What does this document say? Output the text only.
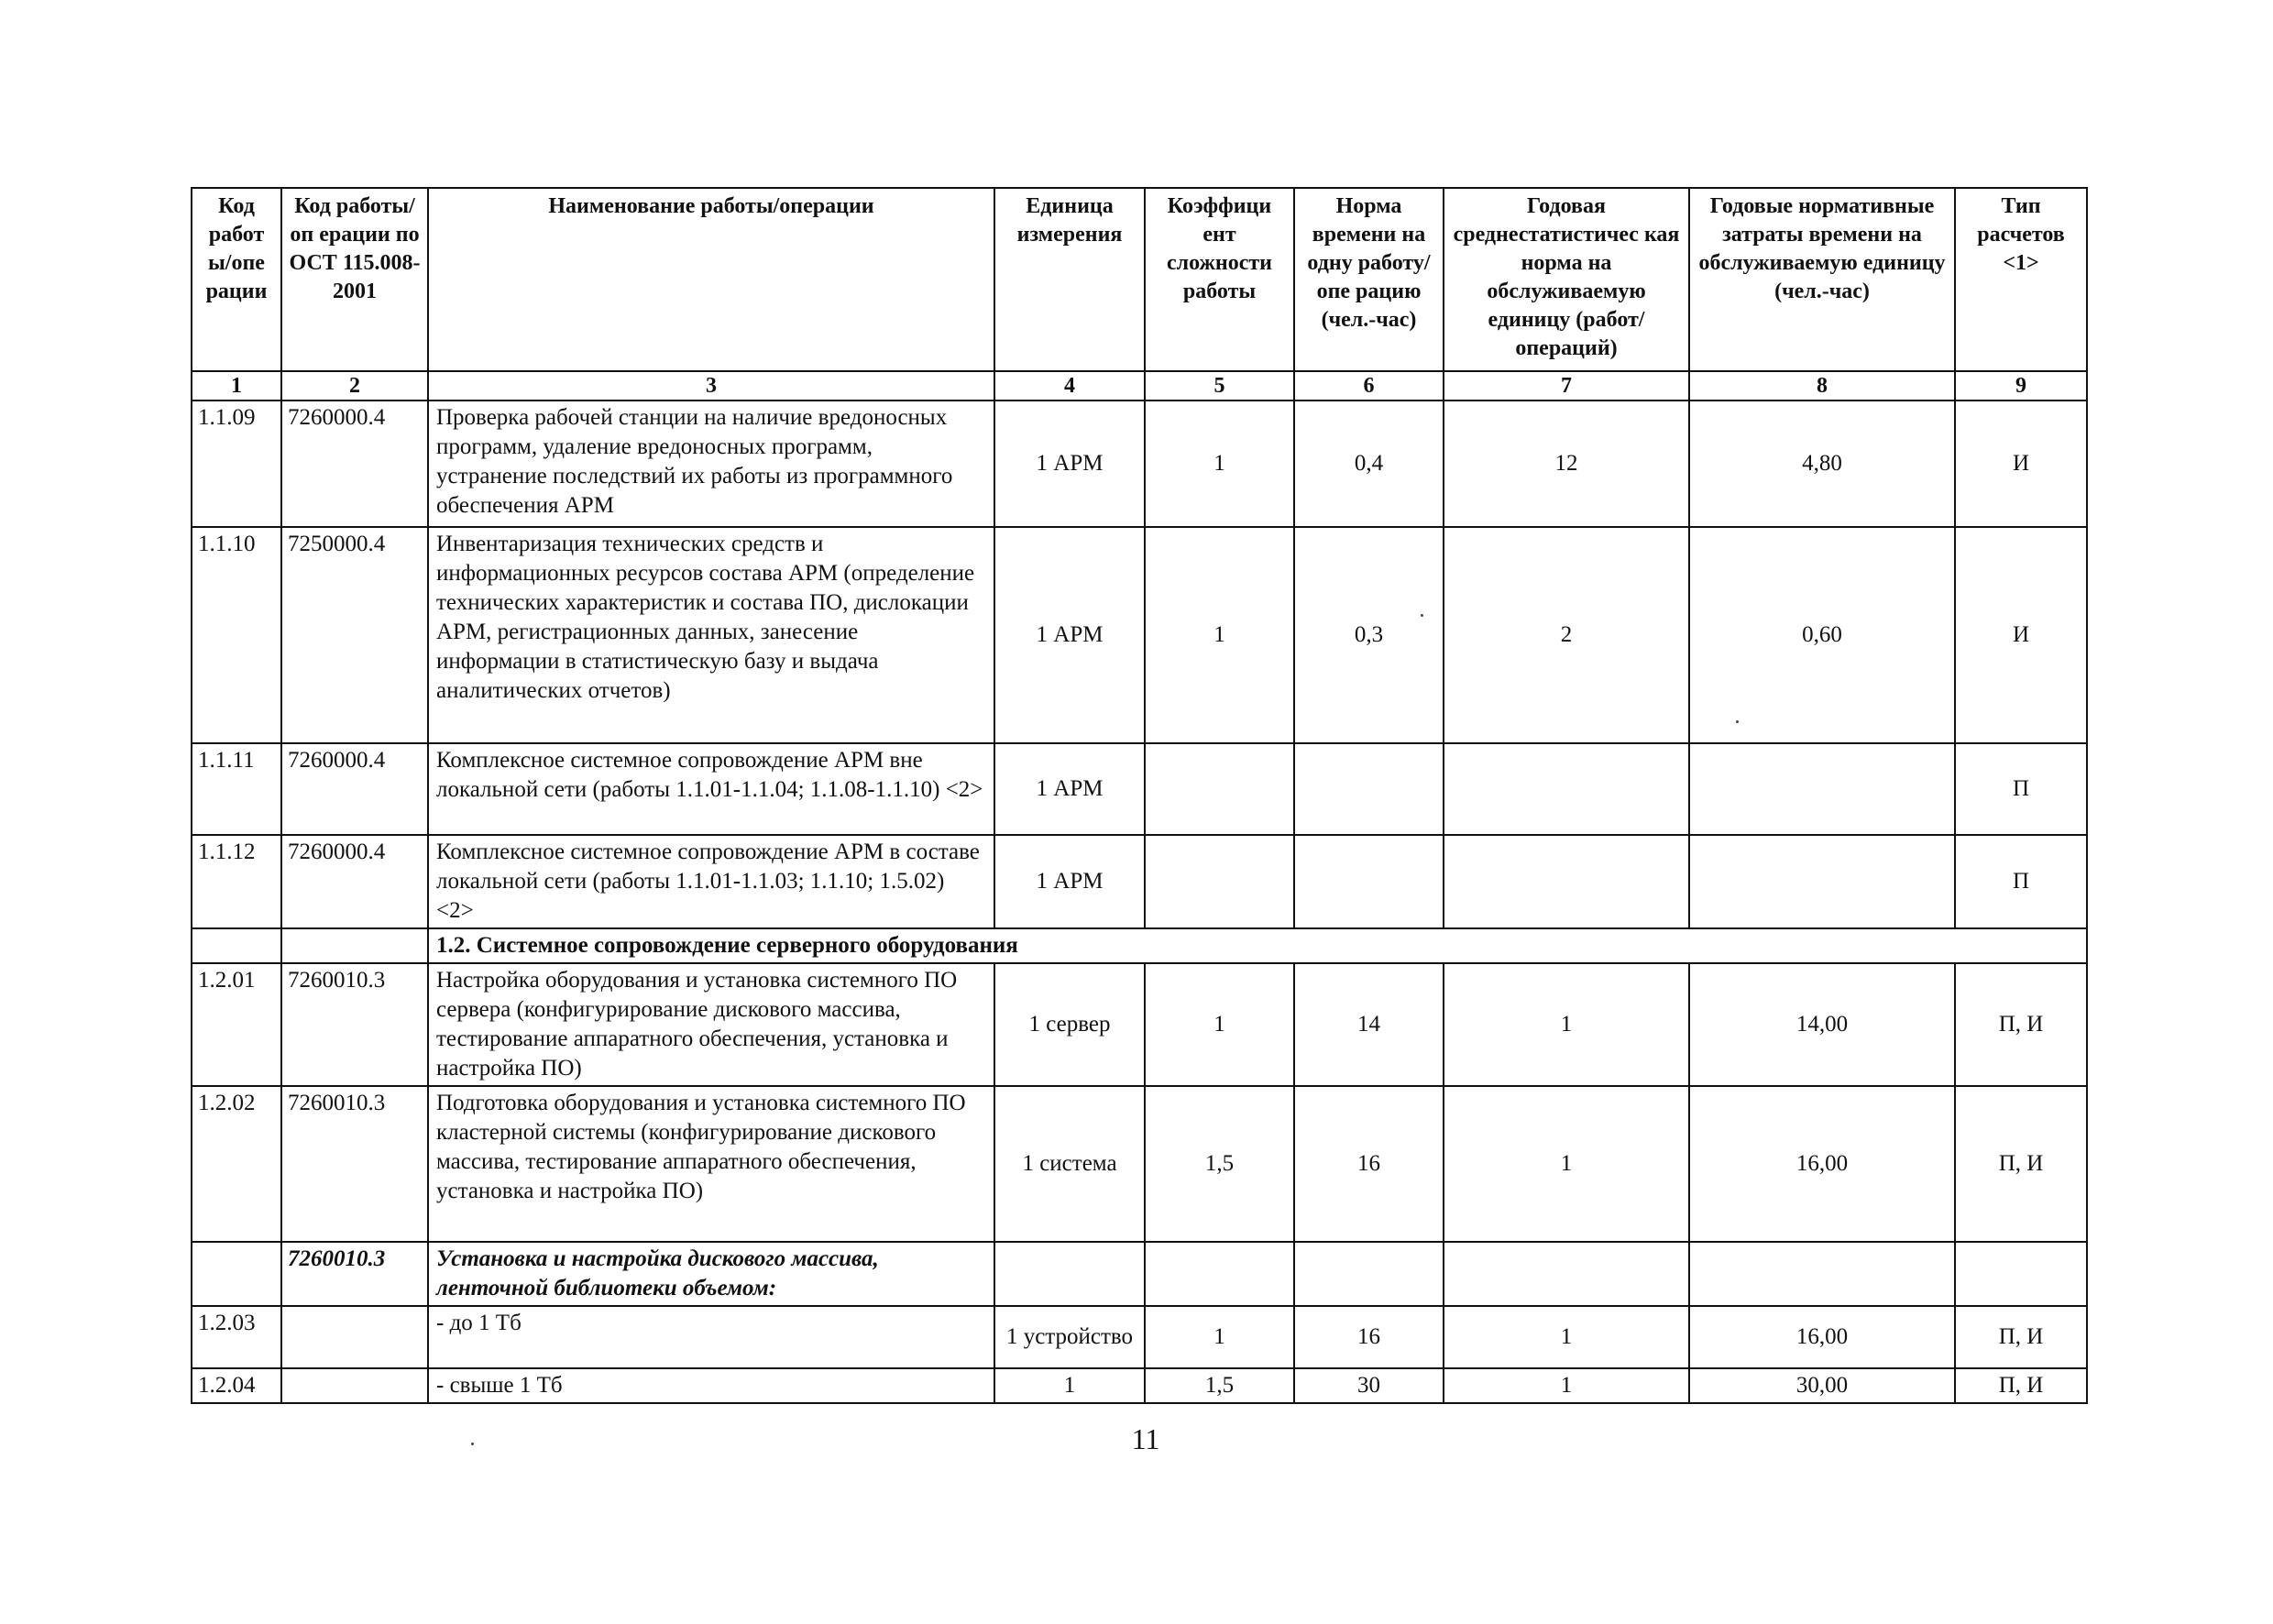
Код работ ы/опе рации	Код работы/оп ерации по ОСТ 115.008-2001	Наименование работы/операции	Единица измерения	Коэффици ент сложности работы	Норма времени на одну работу/опе рацию (чел.-час)	Годовая среднестатистичес кая норма на обслуживаемую единицу (работ/операций)	Годовые нормативные затраты времени на обслуживаемую единицу (чел.-час)	Тип расчетов <1>
1	2	3	4	5	6	7	8	9
1.1.09	7260000.4	Проверка рабочей станции на наличие вредоносных программ, удаление вредоносных программ, устранение последствий их работы из программного обеспечения АРМ	1 АРМ	1	0,4	12	4,80	И
1.1.10	7250000.4	Инвентаризация технических средств и информационных ресурсов состава АРМ (определение технических характеристик и состава ПО, дислокации АРМ, регистрационных данных, занесение информации в статистическую базу и выдача аналитических отчетов)	1 АРМ	1	0,3	2	0,60	И
1.1.11	7260000.4	Комплексное системное сопровождение АРМ вне локальной сети (работы 1.1.01-1.1.04; 1.1.08-1.1.10) <2>	1 АРМ					П
1.1.12	7260000.4	Комплексное системное сопровождение АРМ в составе локальной сети (работы 1.1.01-1.1.03; 1.1.10; 1.5.02) <2>	1 АРМ					П
		1.2. Системное сопровождение серверного оборудования						
1.2.01	7260010.3	Настройка оборудования и установка системного ПО сервера (конфигурирование дискового массива, тестирование аппаратного обеспечения, установка и настройка ПО)	1 сервер	1	14	1	14,00	П, И
1.2.02	7260010.3	Подготовка оборудования и установка системного ПО кластерной системы (конфигурирование дискового массива, тестирование аппаратного обеспечения, установка и настройка ПО)	1 система	1,5	16	1	16,00	П, И
	7260010.3	Установка и настройка дискового массива, ленточной библиотеки объемом:						
1.2.03		- до 1 Тб	1 устройство	1	16	1	16,00	П, И
1.2.04		- свыше 1 Тб	1	1,5	30	1	30,00	П, И
11
